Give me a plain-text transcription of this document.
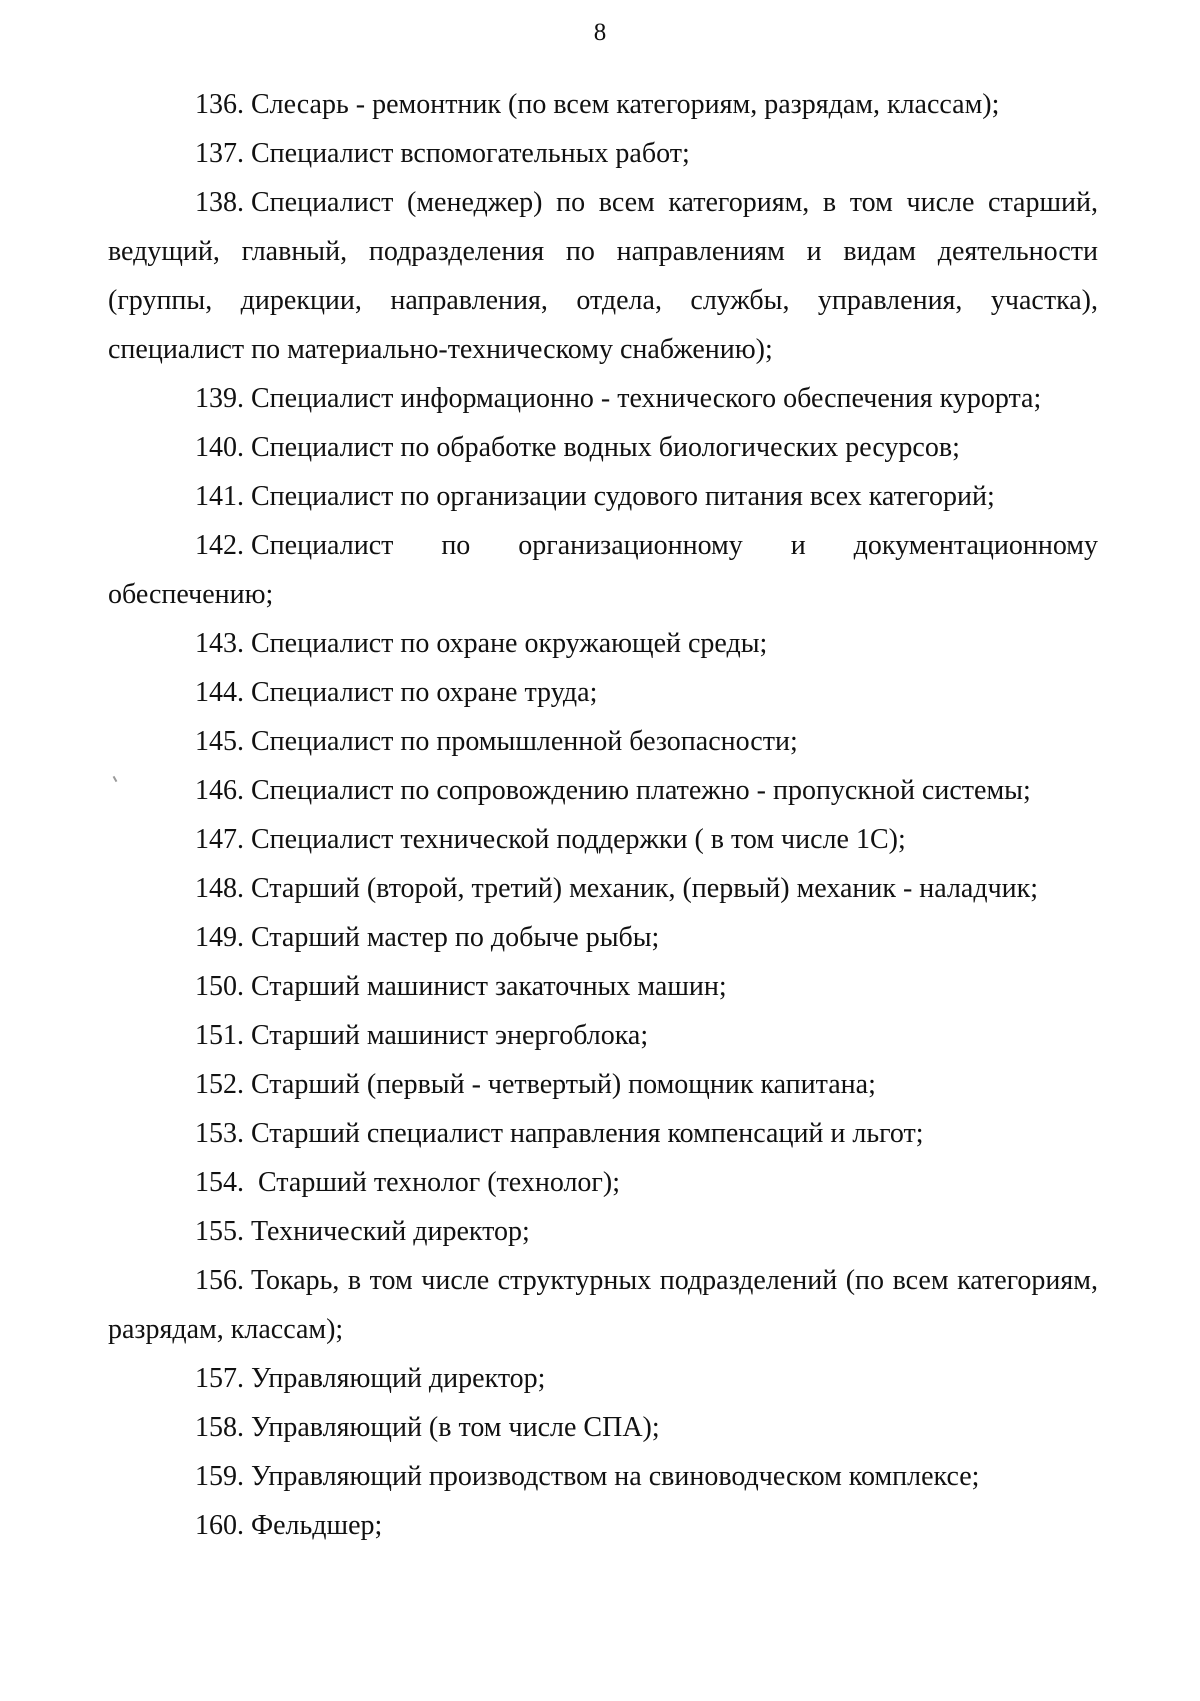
8

136. Слесарь - ремонтник (по всем категориям, разрядам, классам);

137. Специалист вспомогательных работ;

138. Специалист (менеджер) по всем категориям, в том числе старший, ведущий, главный, подразделения по направлениям и видам деятельности (группы, дирекции, направления, отдела, службы, управления, участка), специалист по материально-техническому снабжению);

139. Специалист информационно - технического обеспечения курорта;

140. Специалист по обработке водных биологических ресурсов;

141. Специалист по организации судового питания всех категорий;

142. Специалист по организационному и документационному обеспечению;

143. Специалист по охране окружающей среды;

144. Специалист по охране труда;

145. Специалист по промышленной безопасности;

146. Специалист по сопровождению платежно - пропускной системы;

147. Специалист технической поддержки ( в том числе 1С);

148. Старший (второй, третий) механик, (первый) механик - наладчик;

149. Старший мастер по добыче рыбы;

150. Старший машинист закаточных машин;

151. Старший машинист энергоблока;

152. Старший (первый - четвертый) помощник капитана;

153. Старший специалист направления компенсаций и льгот;

154. Старший технолог (технолог);

155. Технический директор;

156. Токарь, в том числе структурных подразделений (по всем категориям, разрядам, классам);

157. Управляющий директор;

158. Управляющий (в том числе СПА);

159. Управляющий производством на свиноводческом комплексе;

160. Фельдшер;
